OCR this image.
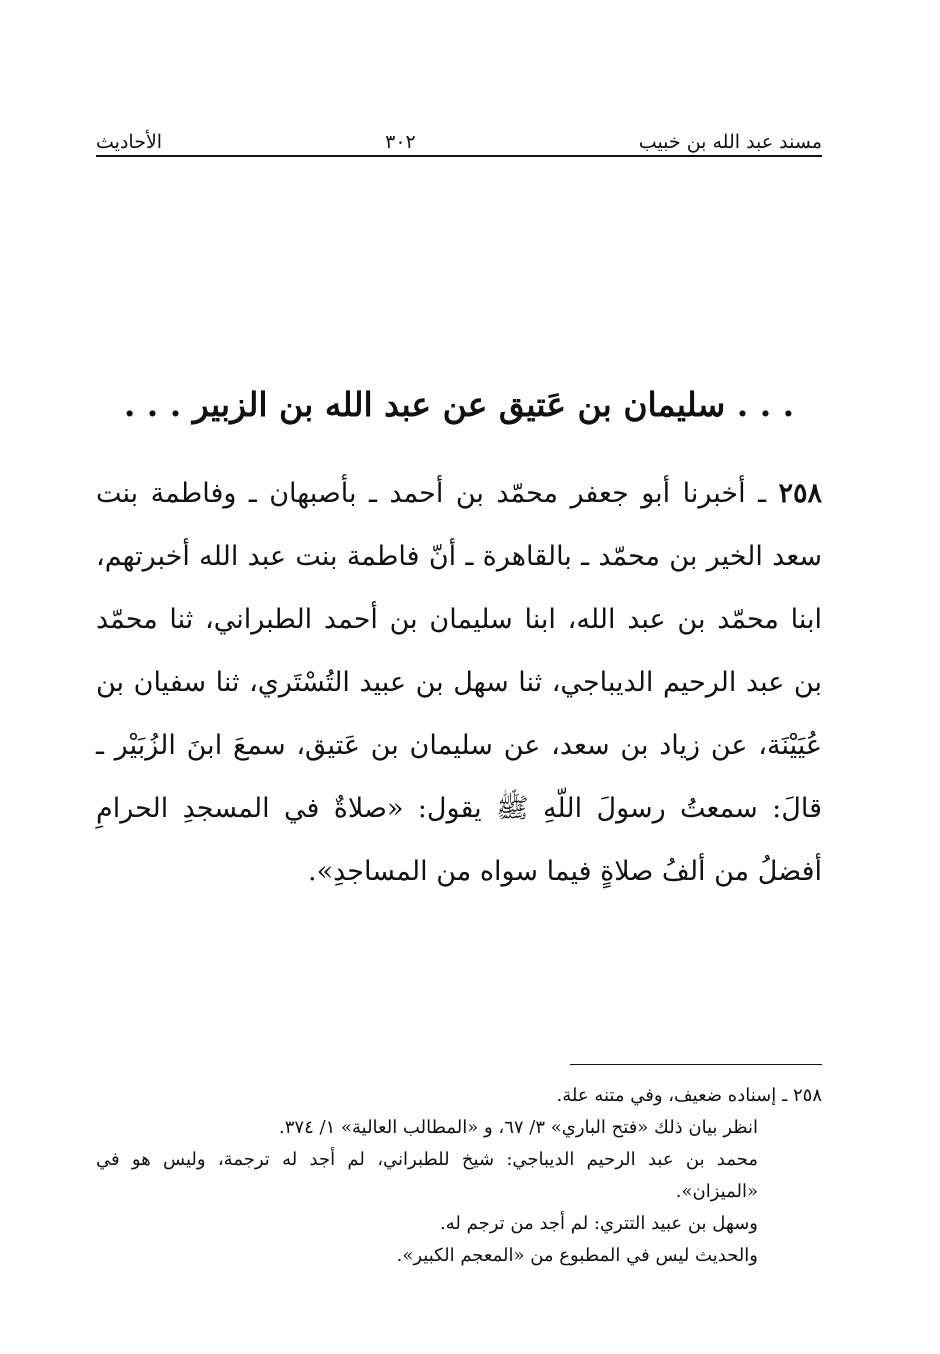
مسند عبد الله بن خبيب
٣٠٢
الأحاديث
. . . سليمان بن عَتيق عن عبد الله بن الزبير . . .

٢٥٨ ـ أخبرنا أبو جعفر محمّد بن أحمد ـ بأصبهان ـ وفاطمة بنت سعد الخير بن محمّد ـ بالقاهرة ـ أنّ فاطمة بنت عبد الله أخبرتهم، ابنا محمّد بن عبد الله، ابنا سليمان بن أحمد الطبراني، ثنا محمّد بن عبد الرحيم الديباجي، ثنا سهل بن عبيد التُسْتَري، ثنا سفيان بن عُيَيْنَة، عن زياد بن سعد، عن سليمان بن عَتيق، سمعَ ابنَ الزُبَيْر ـ قالَ: سمعتُ رسولَ اللّهِ ﷺ يقول: «صلاةٌ في المسجدِ الحرامِ أفضلُ من ألفُ صلاةٍ فيما سواه من المساجدِ».

٢٥٨ ـ إسناده ضعيف، وفي متنه علة.

انظر بيان ذلك «فتح الباري» ٣/ ٦٧، و «المطالب العالية» ١/ ٣٧٤.

محمد بن عبد الرحيم الديباجي: شيخ للطبراني، لم أجد له ترجمة، وليس هو في

«الميزان».

وسهل بن عبيد التتري: لم أجد من ترجم له.

والحديث ليس في المطبوع من «المعجم الكبير».
